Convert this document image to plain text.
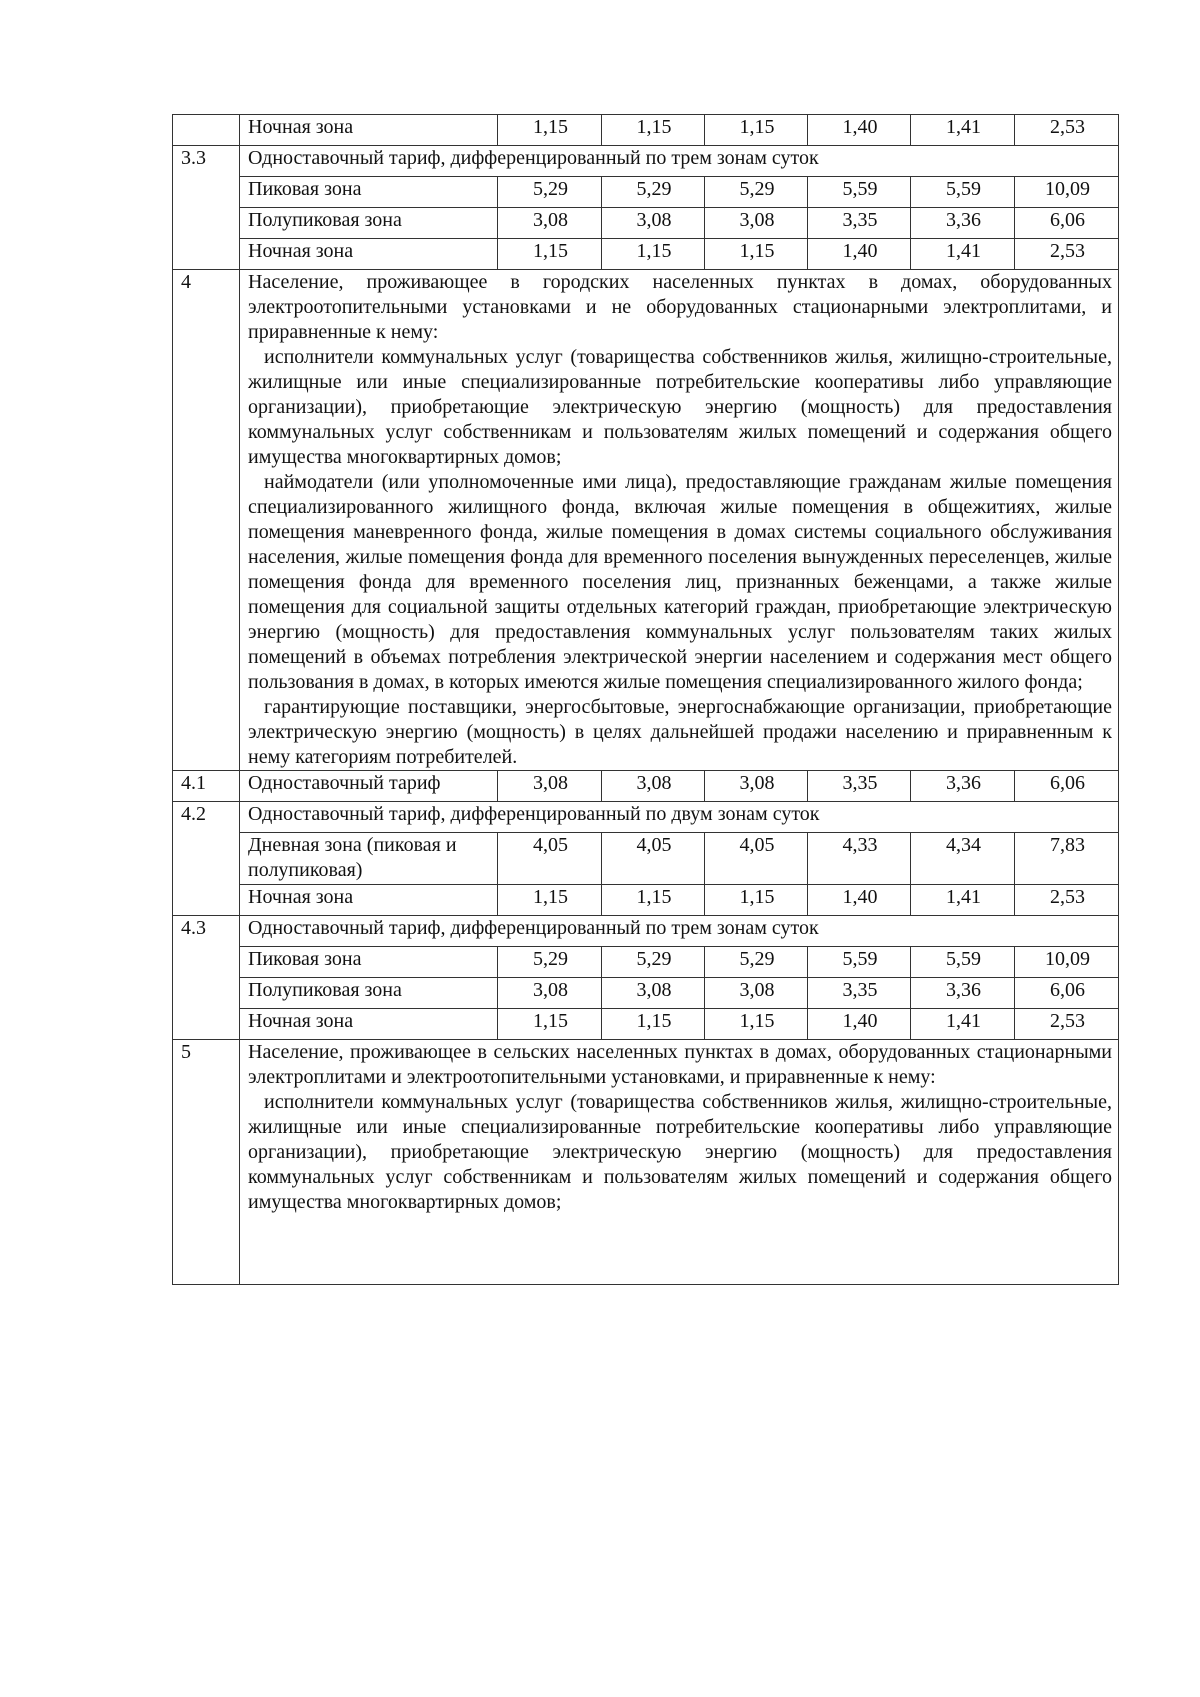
	Ночная зона	1,15	1,15	1,15	1,40	1,41	2,53
3.3	Одноставочный тариф, дифференцированный по трем зонам суток						
	Пиковая зона	5,29	5,29	5,29	5,59	5,59	10,09
	Полупиковая зона	3,08	3,08	3,08	3,35	3,36	6,06
	Ночная зона	1,15	1,15	1,15	1,40	1,41	2,53
4	Население, проживающее в городских населенных пунктах в домах, оборудованных электроотопительными установками и не оборудованных стационарными электроплитами, и приравненные к нему:

исполнители коммунальных услуг (товарищества собственников жилья, жилищно-строительные, жилищные или иные специализированные потребительские кооперативы либо управляющие организации), приобретающие электрическую энергию (мощность) для предоставления коммунальных услуг собственникам и пользователям жилых помещений и содержания общего имущества многоквартирных домов;

наймодатели (или уполномоченные ими лица), предоставляющие гражданам жилые помещения специализированного жилищного фонда, включая жилые помещения в общежитиях, жилые помещения маневренного фонда, жилые помещения в домах системы социального обслуживания населения, жилые помещения фонда для временного поселения вынужденных переселенцев, жилые помещения фонда для временного поселения лиц, признанных беженцами, а также жилые помещения для социальной защиты отдельных категорий граждан, приобретающие электрическую энергию (мощность) для предоставления коммунальных услуг пользователям таких жилых помещений в объемах потребления электрической энергии населением и содержания мест общего пользования в домах, в которых имеются жилые помещения специализированного жилого фонда;

гарантирующие поставщики, энергосбытовые, энергоснабжающие организации, приобретающие электрическую энергию (мощность) в целях дальнейшей продажи населению и приравненным к нему категориям потребителей.						

4.1	Одноставочный тариф	3,08	3,08	3,08	3,35	3,36	6,06
4.2	Одноставочный тариф, дифференцированный по двум зонам суток						
	Дневная зона (пиковая и полупиковая)	4,05	4,05	4,05	4,33	4,34	7,83
	Ночная зона	1,15	1,15	1,15	1,40	1,41	2,53
4.3	Одноставочный тариф, дифференцированный по трем зонам суток						
	Пиковая зона	5,29	5,29	5,29	5,59	5,59	10,09
	Полупиковая зона	3,08	3,08	3,08	3,35	3,36	6,06
	Ночная зона	1,15	1,15	1,15	1,40	1,41	2,53
5	Население, проживающее в сельских населенных пунктах в домах, оборудованных стационарными электроплитами и электроотопительными установками, и приравненные к нему:

исполнители коммунальных услуг (товарищества собственников жилья, жилищно-строительные, жилищные или иные специализированные потребительские кооперативы либо управляющие организации), приобретающие электрическую энергию (мощность) для предоставления коммунальных услуг собственникам и пользователям жилых помещений и содержания общего имущества многоквартирных домов;						
